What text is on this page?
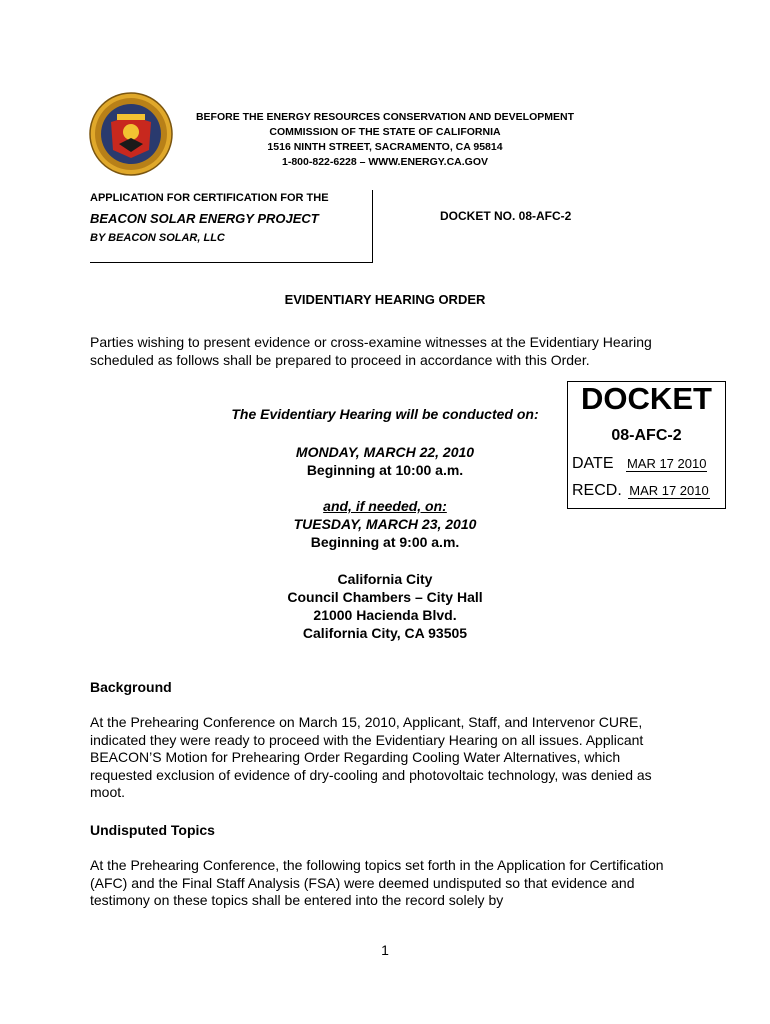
BEFORE THE ENERGY RESOURCES CONSERVATION AND DEVELOPMENT
COMMISSION OF THE STATE OF CALIFORNIA
1516 NINTH STREET, SACRAMENTO, CA 95814
1-800-822-6228 – WWW.ENERGY.CA.GOV
APPLICATION FOR CERTIFICATION FOR THE
BEACON SOLAR ENERGY PROJECT
BY BEACON SOLAR, LLC
DOCKET NO. 08-AFC-2
EVIDENTIARY HEARING ORDER
Parties wishing to present evidence or cross-examine witnesses at the Evidentiary Hearing scheduled as follows shall be prepared to proceed in accordance with this Order.
The Evidentiary Hearing will be conducted on:
MONDAY, MARCH 22, 2010
Beginning at 10:00 a.m.
and, if needed, on:
TUESDAY, MARCH 23, 2010
Beginning at 9:00 a.m.
California City
Council Chambers – City Hall
21000 Hacienda Blvd.
California City, CA 93505
DOCKET
08-AFC-2
DATE MAR 17 2010
RECD. MAR 17 2010
Background
At the Prehearing Conference on March 15, 2010, Applicant, Staff, and Intervenor CURE, indicated they were ready to proceed with the Evidentiary Hearing on all issues. Applicant BEACON’S Motion for Prehearing Order Regarding Cooling Water Alternatives, which requested exclusion of evidence of dry-cooling and photovoltaic technology, was denied as moot.
Undisputed Topics
At the Prehearing Conference, the following topics set forth in the Application for Certification (AFC) and the Final Staff Analysis (FSA) were deemed undisputed so that evidence and testimony on these topics shall be entered into the record solely by
1
